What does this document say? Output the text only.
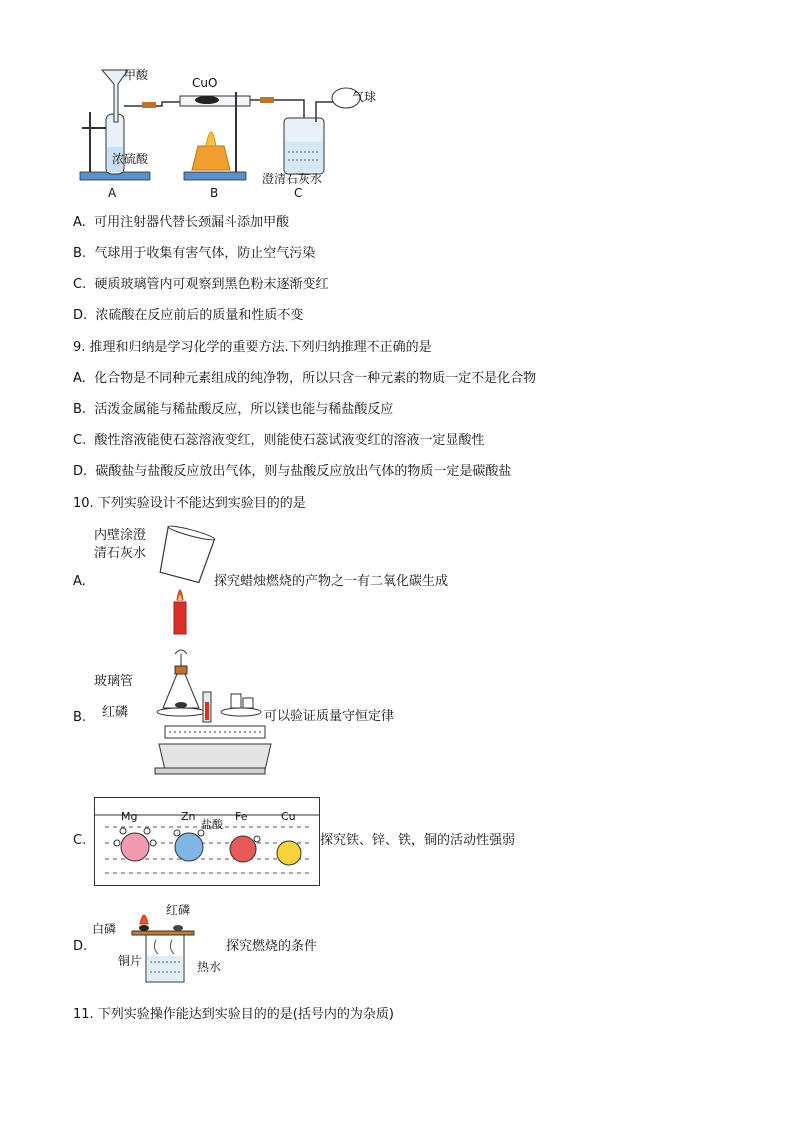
甲酸
CuO
气球
浓硫酸
澄清石灰水
A	B	C
A. 可用注射器代替长颈漏斗添加甲酸
B. 气球用于收集有害气体，防止空气污染
C. 硬质玻璃管内可观察到黑色粉末逐渐变红
D. 浓硫酸在反应前后的质量和性质不变
9. 推理和归纳是学习化学的重要方法.下列归纳推理不正确的是
A. 化合物是不同种元素组成的纯净物，所以只含一种元素的物质一定不是化合物
B. 活泼金属能与稀盐酸反应，所以镁也能与稀盐酸反应
C. 酸性溶液能使石蕊溶液变红，则能使石蕊试液变红的溶液一定显酸性
D. 碳酸盐与盐酸反应放出气体，则与盐酸反应放出气体的物质一定是碳酸盐
10. 下列实验设计不能达到实验目的的是
A.
内壁涂澄
清石灰水
探究蜡烛燃烧的产物之一有二氧化碳生成
B.
玻璃管
红磷	可以验证质量守恒定律
C.
Mg	Zn	Fe	Cu
盐酸
探究铁、锌、铁，铜的活动性强弱
D.
白磷
红磷
铜片	热水
探究燃烧的条件
11. 下列实验操作能达到实验目的的是(括号内的为杂质)
